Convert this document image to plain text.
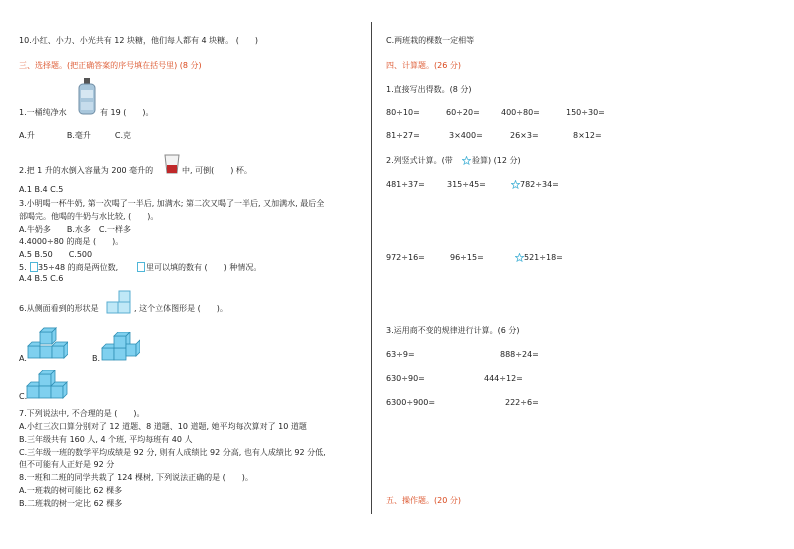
10.小红、小力、小光共有 12 块糖，他们每人都有 4 块糖。 (　　)
三、选择题。(把正确答案的序号填在括号里) (8 分)
1.一桶纯净水	有 19 (　　)。
A.升　　　　B.毫升　　　C.克
2.把 1 升的水倒入容量为 200 毫升的	中, 可倒(　　) 杯。
A.1 B.4 C.5
3.小明喝一杯牛奶, 第一次喝了一半后, 加满水; 第二次又喝了一半后, 又加满水, 最后全
部喝完。他喝的牛奶与水比较, (　　)。
A.牛奶多　　B.水多　C.一样多
4.4000÷80 的商是 (　　)。
A.5 B.50　　C.500
5. 35÷48 的商是两位数,	里可以填的数有 (　　) 种情况。
A.4 B.5 C.6
6.从侧面看到的形状是	, 这个立体图形是 (　　)。
A.	B.
C.
7.下列说法中, 不合理的是 (　　)。
A.小红三次口算分别对了 12 道题、8 道题、10 道题, 她平均每次算对了 10 道题
B.三年级共有 160 人, 4 个班, 平均每班有 40 人
C.三年级一班的数学平均成绩是 92 分, 则有人成绩比 92 分高, 也有人成绩比 92 分低,
但不可能有人正好是 92 分
8.一班和二班的同学共栽了 124 棵树, 下列说法正确的是 (　　)。
A.一班栽的树可能比 62 棵多
B.二班栽的树一定比 62 棵多
C.两班栽的棵数一定相等
四、计算题。(26 分)
1.直接写出得数。(8 分)
80÷10=	60÷20=	400÷80=	150÷30=
81÷27=	3×400=	26×3=	8×12=
2.列竖式计算。(带 验算) (12 分)
481÷37=	315÷45=	782÷34=
972÷16=	96÷15=	521÷18=
3.运用商不变的规律进行计算。(6 分)
63÷9=	888÷24=
630÷90=	444÷12=
6300÷900=	222÷6=
五、操作题。(20 分)
